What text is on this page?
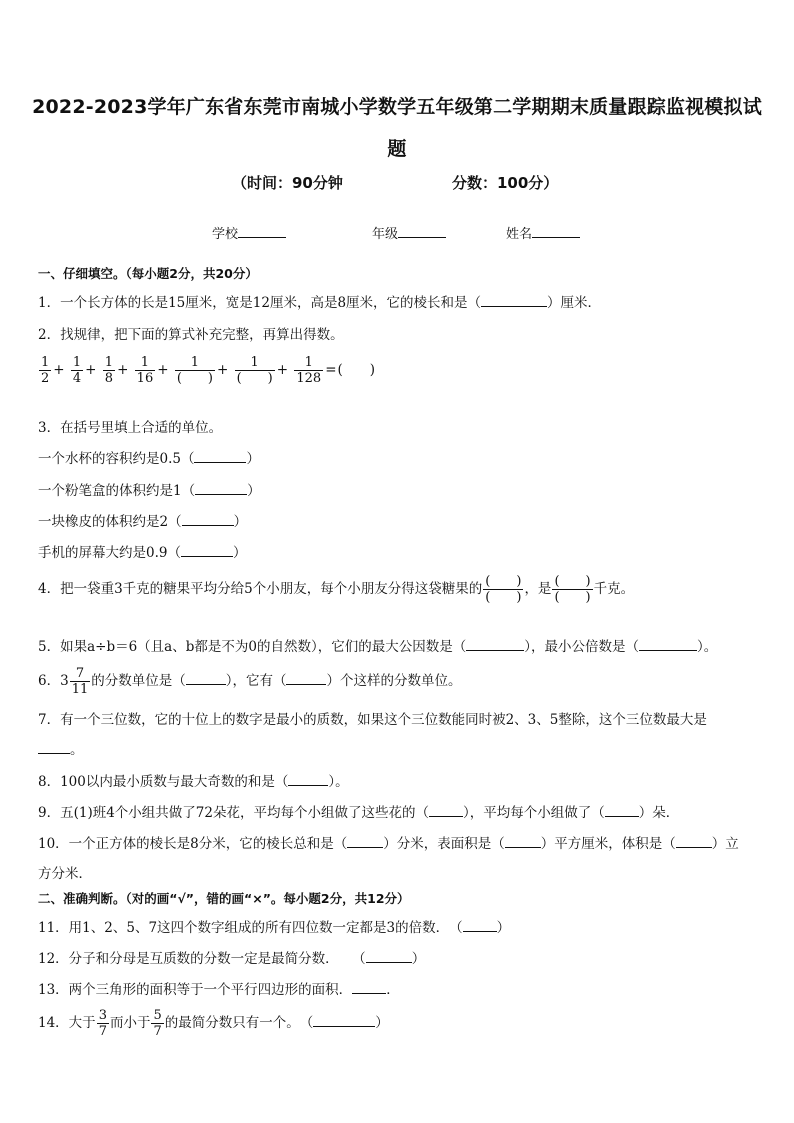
2022-2023学年广东省东莞市南城小学数学五年级第二学期期末质量跟踪监视模拟试
题
（时间：90分钟	分数：100分）
学校	年级	姓名
一、仔细填空。（每小题2分，共20分）
1．一个长方体的长是15厘米，宽是12厘米，高是8厘米，它的棱长和是（	）厘米．
2．找规律，把下面的算式补充完整，再算出得数。
$\frac{1}{2} + \frac{1}{4} + \frac{1}{8} + \frac{1}{16} + \frac{1}{( )} + \frac{1}{( )} + \frac{1}{128}$ =(　　)
3．在括号里填上合适的单位。
一个水杯的容积约是0.5（	）
一个粉笔盒的体积约是1（	）
一块橡皮的体积约是2（	）
手机的屏幕大约是0.9（	）
4．把一袋重3千克的糖果平均分给5个小朋友，每个小朋友分得这袋糖果的 $\frac{( )}{( )}$ ，是 $\frac{( )}{( )}$ 千克。
5．如果a÷b＝6（且a、b都是不为0的自然数），它们的最大公因数是（	），最小公倍数是（	）。
6．$3 \frac{7}{11}$ 的分数单位是（	），它有（	）个这样的分数单位。
7．有一个三位数，它的十位上的数字是最小的质数，如果这个三位数能同时被2、3、5整除，这个三位数最大是
。
8．100以内最小质数与最大奇数的和是（	）。
9．五(1)班4个小组共做了72朵花，平均每个小组做了这些花的（	），平均每个小组做了（	）朵．
10．一个正方体的棱长是8分米，它的棱长总和是（	）分米，表面积是（	）平方厘米，体积是（	）立
方分米．
二、准确判断。（对的画“√”，错的画“×”。每小题2分，共12分）
11．用1、2、5、7这四个数字组成的所有四位数一定都是3的倍数．　（	）
12．分子和分母是互质数的分数一定是最简分数．　　（	）
13．两个三角形的面积等于一个平行四边形的面积．	．
14．大于 $\frac{3}{7}$ 而小于 $\frac{5}{7}$ 的最简分数只有一个。　（	）
